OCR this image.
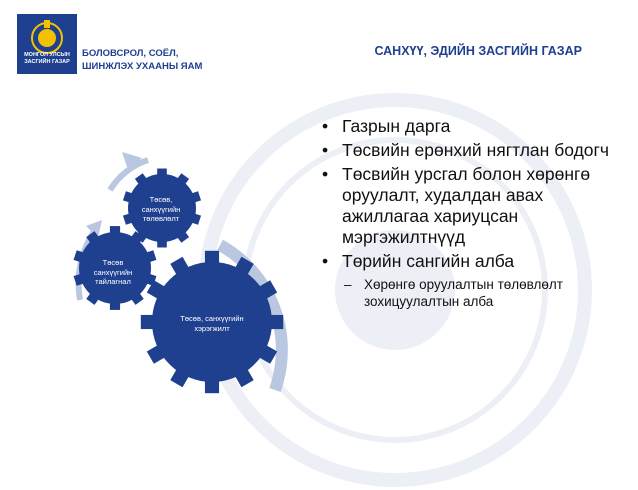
МОНГОЛ УЛСЫН
ЗАСГИЙН ГАЗАР
БОЛОВСРОЛ, СОЁЛ,
ШИНЖЛЭХ УХААНЫ ЯАМ
САНХҮҮ, ЭДИЙН ЗАСГИЙН ГАЗАР
Төсөв,
санхүүгийн
төлөвлөлт
Төсөв
санхүүгийн
тайлагнал
Төсөв, санхүүгийн
хэрэгжилт
• Газрын дарга
• Төсвийн ерөнхий нягтлан бодогч
• Төсвийн урсгал болон хөрөнгө оруулалт, худалдан авах ажиллагаа хариуцсан мэргэжилтнүүд
• Төрийн сангийн алба
– Хөрөнгө оруулалтын төлөвлөлт зохицуулалтын алба
